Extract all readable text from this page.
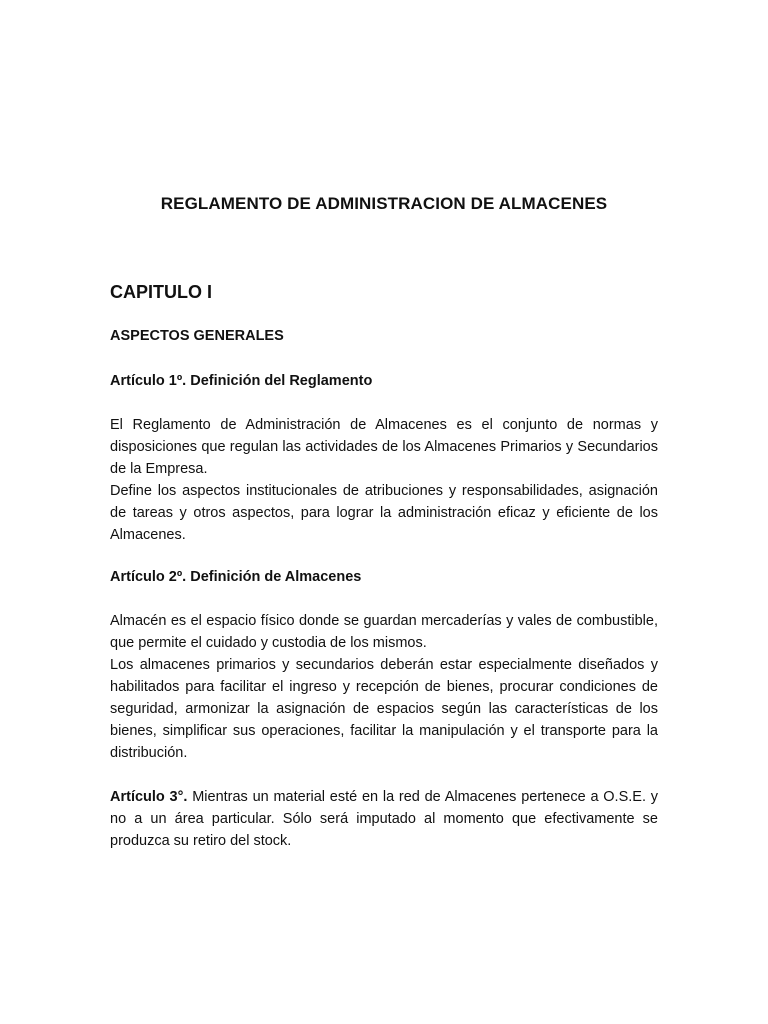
REGLAMENTO DE ADMINISTRACION DE ALMACENES
CAPITULO I
ASPECTOS GENERALES
Artículo 1º. Definición del Reglamento

El Reglamento de Administración de Almacenes es el conjunto de normas y disposiciones que regulan las actividades de los Almacenes Primarios y Secundarios de la Empresa.

Define los aspectos institucionales de atribuciones y responsabilidades, asignación de tareas y otros aspectos, para lograr la administración eficaz y eficiente de los Almacenes.

Artículo 2º. Definición de Almacenes

Almacén es el espacio físico donde se guardan mercaderías y vales de combustible, que permite el cuidado y custodia de los mismos.

Los almacenes primarios y secundarios deberán estar especialmente diseñados y habilitados para facilitar el ingreso y recepción de bienes, procurar condiciones de seguridad, armonizar la asignación de espacios según las características de los bienes, simplificar sus operaciones, facilitar la manipulación y el transporte para la distribución.

Artículo 3°. Mientras un material esté en la red de Almacenes pertenece a O.S.E. y no a un área particular. Sólo será imputado al momento que efectivamente se produzca su retiro del stock.
